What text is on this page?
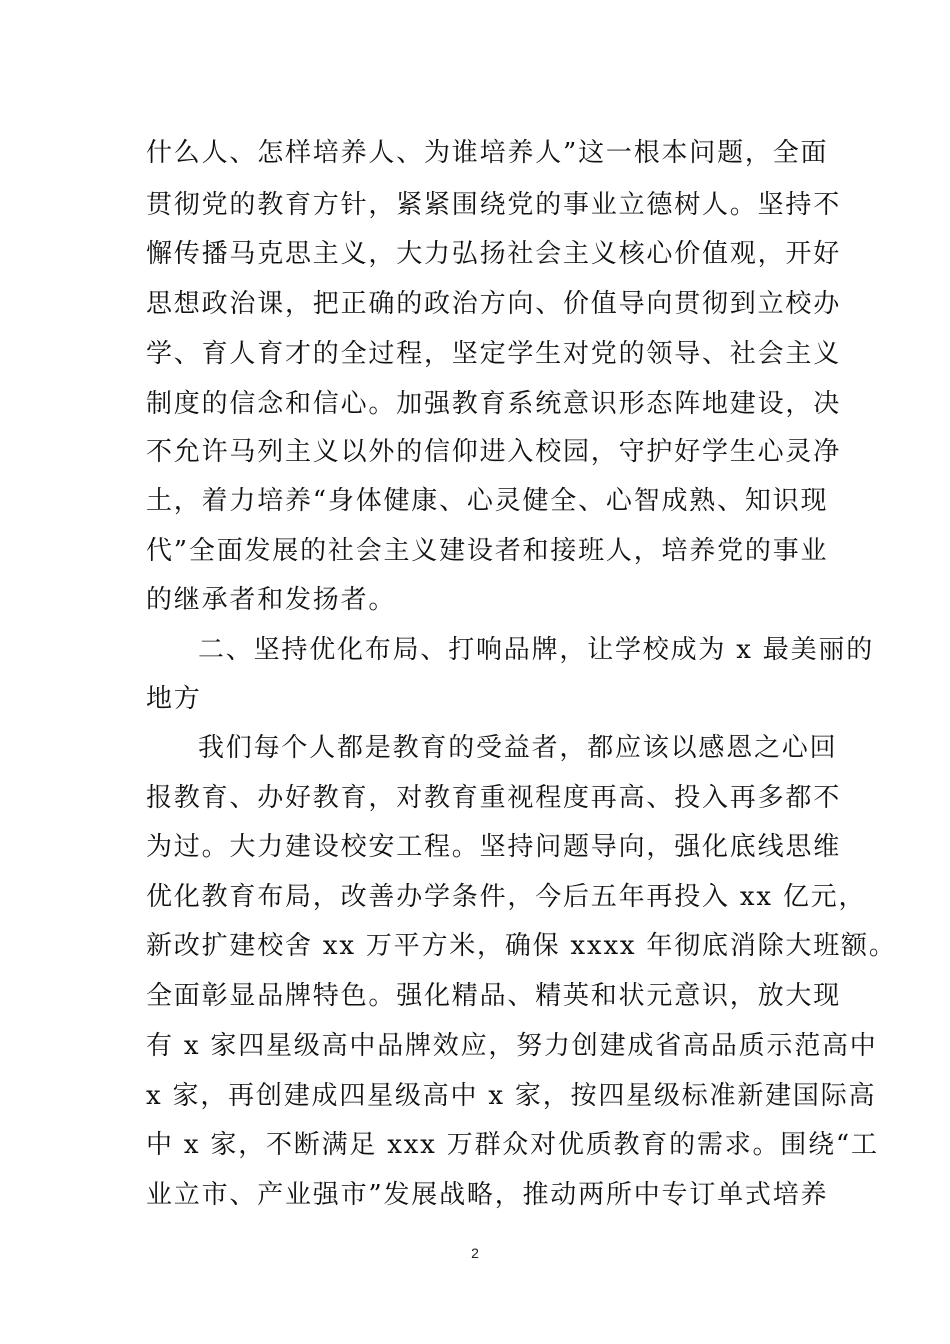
什么人、怎样培养人、为谁培养人”这一根本问题，全面
贯彻党的教育方针，紧紧围绕党的事业立德树人。坚持不
懈传播马克思主义，大力弘扬社会主义核心价值观，开好
思想政治课，把正确的政治方向、价值导向贯彻到立校办
学、育人育才的全过程，坚定学生对党的领导、社会主义
制度的信念和信心。加强教育系统意识形态阵地建设，决
不允许马列主义以外的信仰进入校园，守护好学生心灵净
土，着力培养“身体健康、心灵健全、心智成熟、知识现
代”全面发展的社会主义建设者和接班人，培养党的事业
的继承者和发扬者。
二、坚持优化布局、打响品牌，让学校成为 x 最美丽的
地方
我们每个人都是教育的受益者，都应该以感恩之心回
报教育、办好教育，对教育重视程度再高、投入再多都不
为过。大力建设校安工程。坚持问题导向，强化底线思维
优化教育布局，改善办学条件，今后五年再投入 xx 亿元，
新改扩建校舍 xx 万平方米，确保 xxxx 年彻底消除大班额。
全面彰显品牌特色。强化精品、精英和状元意识，放大现
有 x 家四星级高中品牌效应，努力创建成省高品质示范高中
x 家，再创建成四星级高中 x 家，按四星级标准新建国际高
中 x 家，不断满足 xxx 万群众对优质教育的需求。围绕“工
业立市、产业强市”发展战略，推动两所中专订单式培养
2
